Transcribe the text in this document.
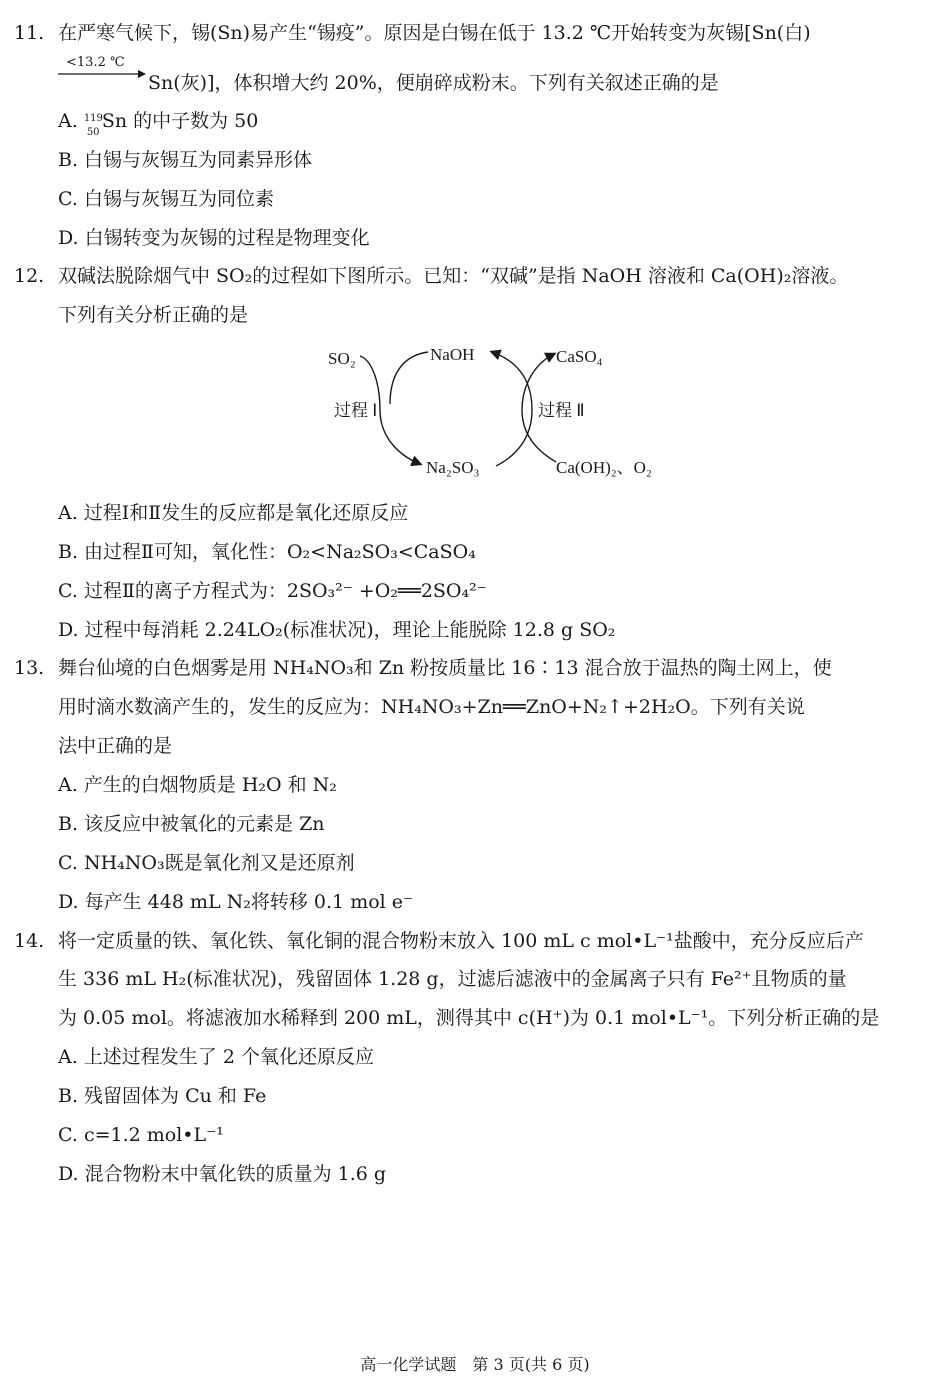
11. 在严寒气候下，锡(Sn)易产生“锡疫”。原因是白锡在低于 13.2 ℃开始转变为灰锡[Sn(白)
<13.2 ℃
Sn(灰)]，体积增大约 20%，便崩碎成粉末。下列有关叙述正确的是
A. 119
50
Sn 的中子数为 50
B. 白锡与灰锡互为同素异形体
C. 白锡与灰锡互为同位素
D. 白锡转变为灰锡的过程是物理变化
12. 双碱法脱除烟气中 SO₂的过程如下图所示。已知：“双碱”是指 NaOH 溶液和 Ca(OH)₂溶液。
下列有关分析正确的是
SO₂	NaOH	CaSO₄
过程 Ⅰ	过程 Ⅱ
Na₂SO₃	Ca(OH)₂、O₂
A. 过程Ⅰ和Ⅱ发生的反应都是氧化还原反应
B. 由过程Ⅱ可知，氧化性：O₂<Na₂SO₃<CaSO₄
C. 过程Ⅱ的离子方程式为：2SO₃²⁻ +O₂══2SO₄²⁻
D. 过程中每消耗 2.24LO₂(标准状况)，理论上能脱除 12.8 g SO₂
13. 舞台仙境的白色烟雾是用 NH₄NO₃和 Zn 粉按质量比 16∶13 混合放于温热的陶土网上，使
用时滴水数滴产生的，发生的反应为：NH₄NO₃+Zn══ZnO+N₂↑+2H₂O。下列有关说
法中正确的是
A. 产生的白烟物质是 H₂O 和 N₂
B. 该反应中被氧化的元素是 Zn
C. NH₄NO₃既是氧化剂又是还原剂
D. 每产生 448 mL N₂将转移 0.1 mol e⁻
14. 将一定质量的铁、氧化铁、氧化铜的混合物粉末放入 100 mL c mol•L⁻¹盐酸中，充分反应后产
生 336 mL H₂(标准状况)，残留固体 1.28 g，过滤后滤液中的金属离子只有 Fe²⁺且物质的量
为 0.05 mol。将滤液加水稀释到 200 mL，测得其中 c(H⁺)为 0.1 mol•L⁻¹。下列分析正确的是
A. 上述过程发生了 2 个氧化还原反应
B. 残留固体为 Cu 和 Fe
C. c=1.2 mol•L⁻¹
D. 混合物粉末中氧化铁的质量为 1.6 g
高一化学试题　第 3 页(共 6 页)
